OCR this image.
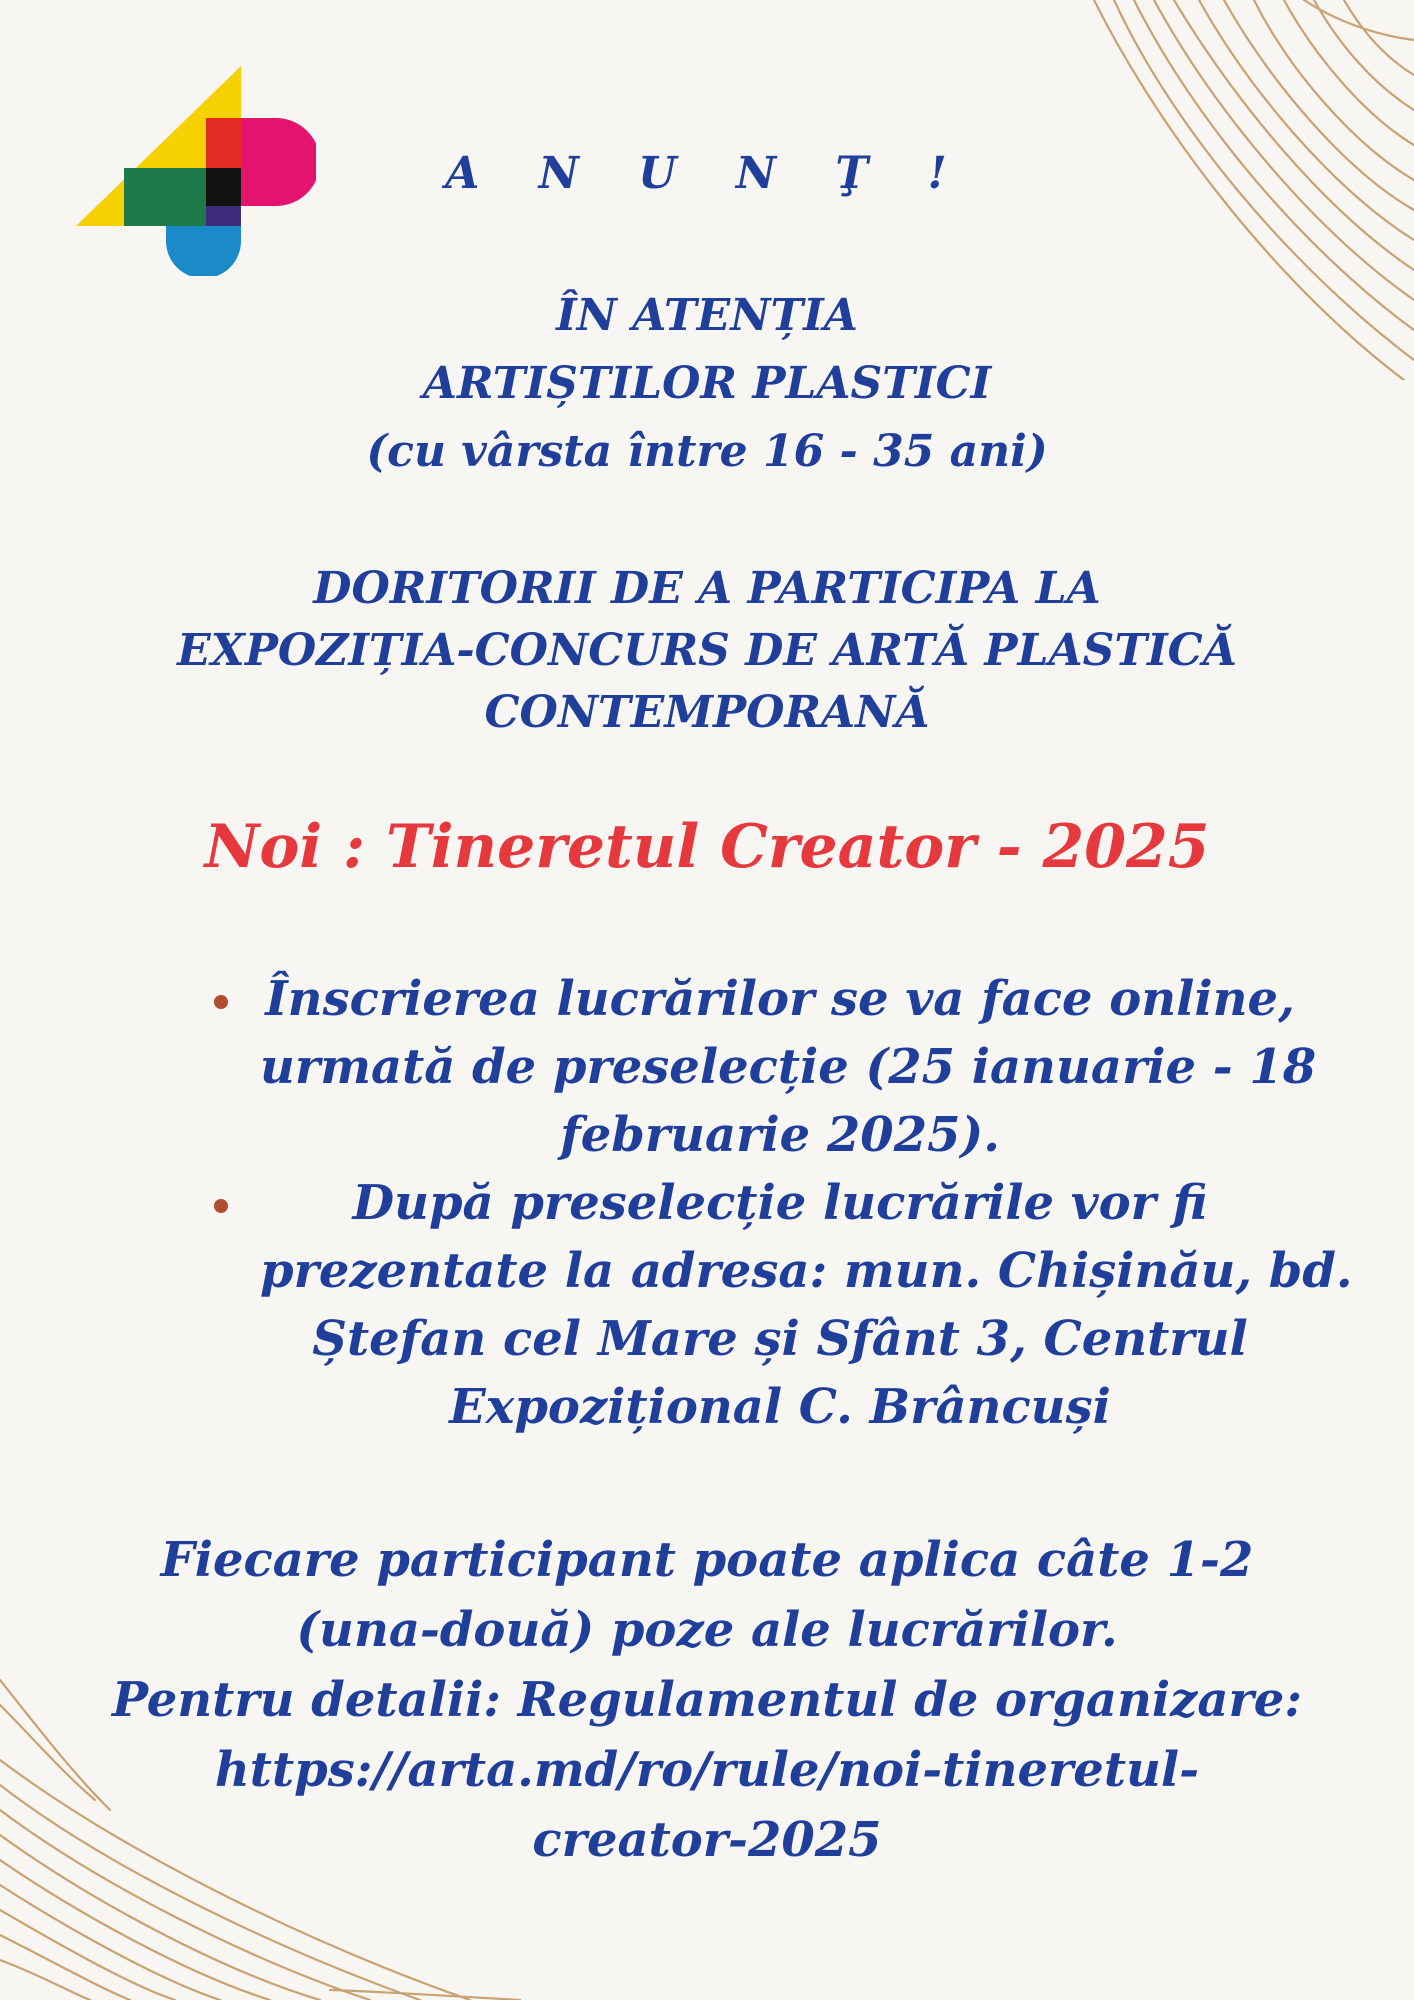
A N U N Ţ !
ÎN ATENȚIA
ARTIȘTILOR PLASTICI
(cu vârsta între 16 - 35 ani)
DORITORII DE A PARTICIPA LA
EXPOZIȚIA-CONCURS DE ARTĂ PLASTICĂ
CONTEMPORANĂ
Noi : Tineretul Creator - 2025
Înscrierea lucrărilor se va face online,
urmată de preselecție (25 ianuarie - 18
februarie 2025).
După preselecție lucrările vor fi
prezentate la adresa: mun. Chișinău, bd.
Ștefan cel Mare și Sfânt 3, Centrul
Expozițional C. Brâncuși
Fiecare participant poate aplica câte 1-2
(una-două) poze ale lucrărilor.
Pentru detalii: Regulamentul de organizare:
https://arta.md/ro/rule/noi-tineretul-
creator-2025
